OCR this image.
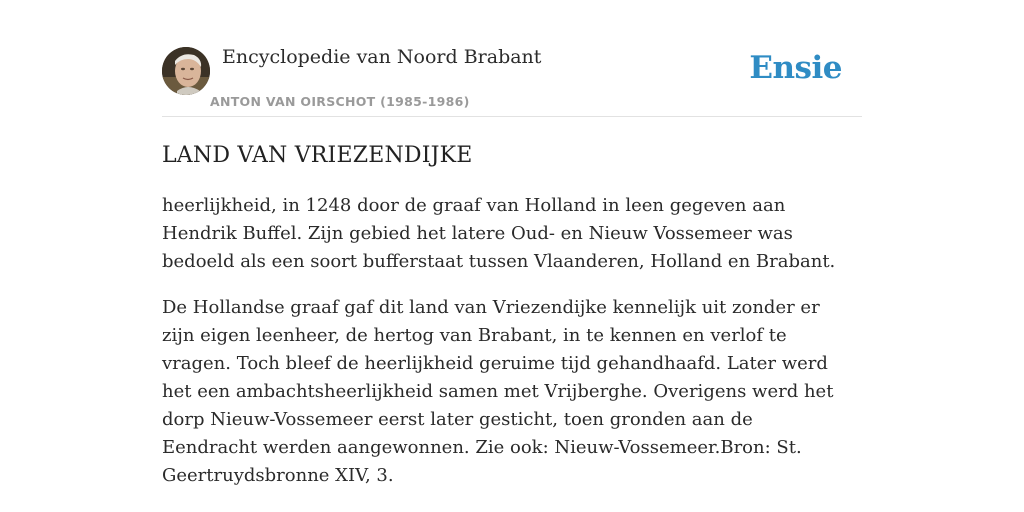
Encyclopedie van Noord Brabant
ANTON VAN OIRSCHOT (1985-1986)
Ensie
LAND VAN VRIEZENDIJKE

heerlijkheid, in 1248 door de graaf van Holland in leen gegeven aan Hendrik Buffel. Zijn gebied het latere Oud- en Nieuw Vossemeer was bedoeld als een soort bufferstaat tussen Vlaanderen, Holland en Brabant.

De Hollandse graaf gaf dit land van Vriezendijke kennelijk uit zonder er zijn eigen leenheer, de hertog van Brabant, in te kennen en verlof te vragen. Toch bleef de heerlijkheid geruime tijd gehandhaafd. Later werd het een ambachtsheerlijkheid samen met Vrijberghe. Overigens werd het dorp Nieuw-Vossemeer eerst later gesticht, toen gronden aan de Eendracht werden aangewonnen. Zie ook: Nieuw-Vossemeer.Bron: St. Geertruydsbronne XIV, 3.
